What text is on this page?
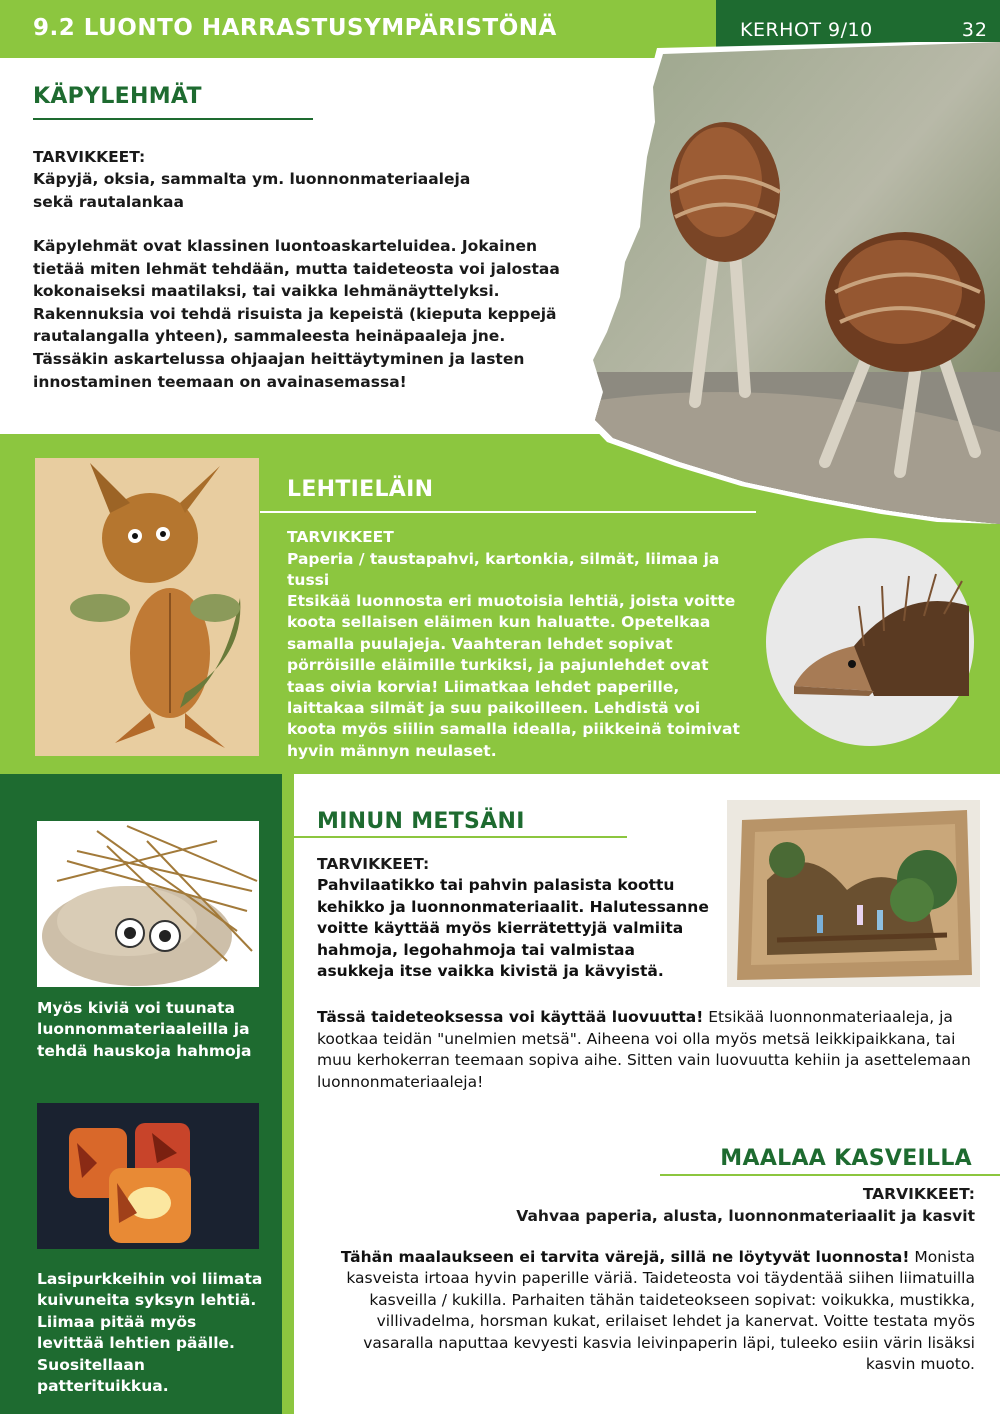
9.2 LUONTO HARRASTUSYMPÄRISTÖNÄ	KERHOT 9/10	32
KÄPYLEHMÄT
TARVIKKEET:
Käpyjä, oksia, sammalta ym. luonnonmateriaaleja sekä rautalankaa
Käpylehmät ovat klassinen luontoaskarteluidea. Jokainen tietää miten lehmät tehdään, mutta taideteosta voi jalostaa kokonaiseksi maatilaksi, tai vaikka lehmänäyttelyksi. Rakennuksia voi tehdä risuista ja kepeistä (kieputa keppejä rautalangalla yhteen), sammaleesta heinäpaaleja jne. Tässäkin askartelussa ohjaajan heittäytyminen ja lasten innostaminen teemaan on avainasemassa!
LEHTIELÄIN
TARVIKKEET
Paperia / taustapahvi, kartonkia, silmät, liimaa ja tussi
Etsikää luonnosta eri muotoisia lehtiä, joista voitte koota sellaisen eläimen kun haluatte. Opetelkaa samalla puulajeja. Vaahteran lehdet sopivat pörröisille eläimille turkiksi, ja pajunlehdet ovat taas oivia korvia! Liimatkaa lehdet paperille, laittakaa silmät ja suu paikoilleen. Lehdistä voi koota myös siilin samalla idealla, piikkeinä toimivat hyvin männyn neulaset.
Myös kiviä voi tuunata luonnonmateriaaleilla ja tehdä hauskoja hahmoja
Lasipurkkeihin voi liimata kuivuneita syksyn lehtiä. Liimaa pitää myös levittää lehtien päälle. Suositellaan patterituikkua.
MINUN METSÄNI
TARVIKKEET:
Pahvilaatikko tai pahvin palasista koottu kehikko ja luonnonmateriaalit. Halutessanne voitte käyttää myös kierrätettyjä valmiita hahmoja, legohahmoja tai valmistaa asukkeja itse vaikka kivistä ja kävyistä.
Tässä taideteoksessa voi käyttää luovuutta! Etsikää luonnonmateriaaleja, ja kootkaa teidän "unelmien metsä". Aiheena voi olla myös metsä leikkipaikkana, tai muu kerhokerran teemaan sopiva aihe. Sitten vain luovuutta kehiin ja asettelemaan luonnonmateriaaleja!
MAALAA KASVEILLA
TARVIKKEET:
Vahvaa paperia, alusta, luonnonmateriaalit ja kasvit
Tähän maalaukseen ei tarvita värejä, sillä ne löytyvät luonnosta! Monista kasveista irtoaa hyvin paperille väriä. Taideteosta voi täydentää siihen liimatuilla kasveilla / kukilla. Parhaiten tähän taideteokseen sopivat: voikukka, mustikka, villivadelma, horsman kukat, erilaiset lehdet ja kanervat. Voitte testata myös vasaralla naputtaa kevyesti kasvia leivinpaperin läpi, tuleeko esiin värin lisäksi kasvin muoto.
